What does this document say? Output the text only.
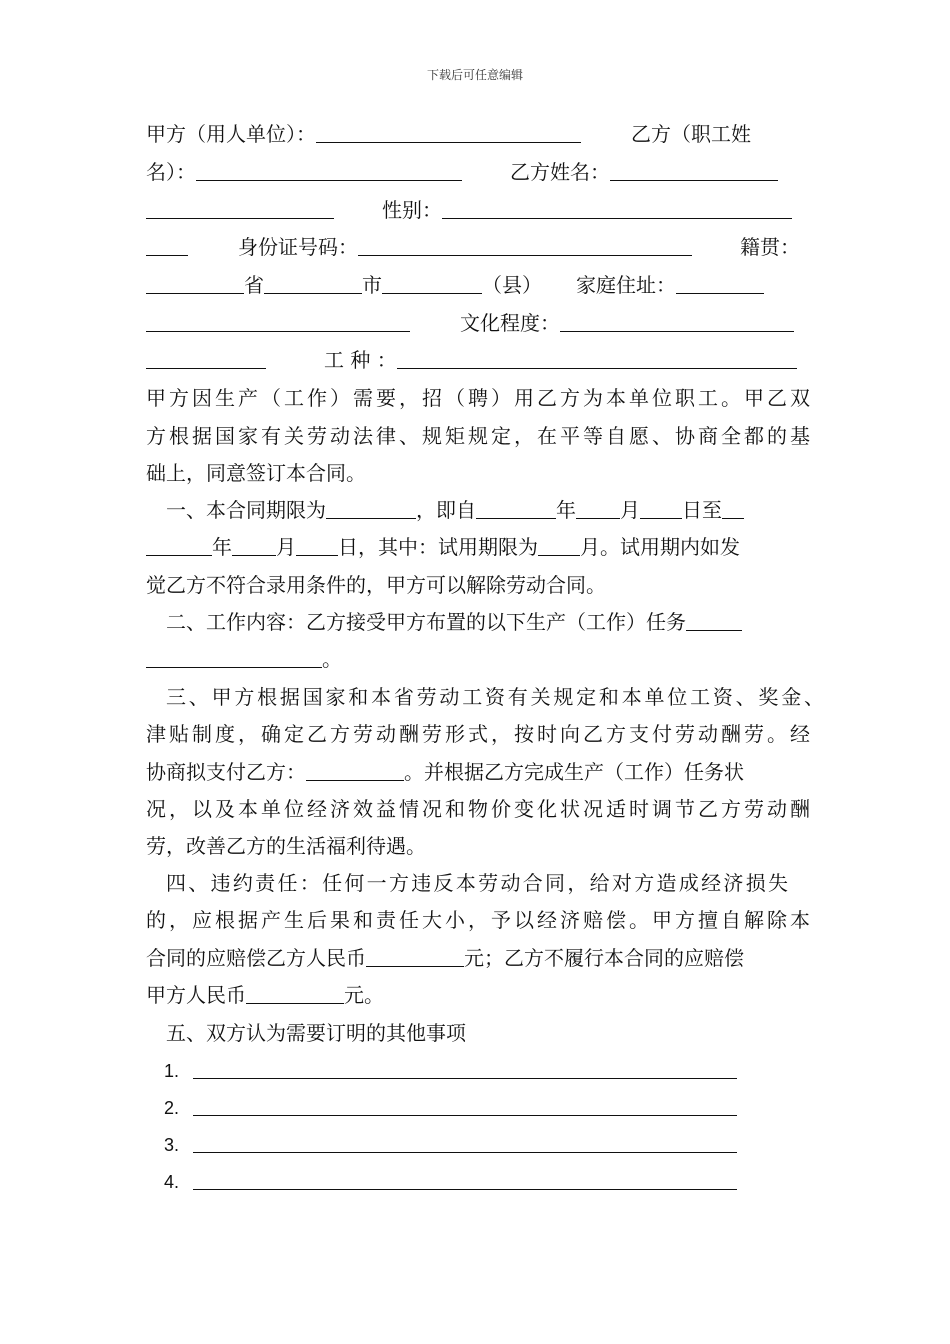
下载后可任意编辑
甲方（用人单位）：	乙方（职工姓
名）：	乙方姓名：
性别：
身份证号码：	籍贯：
省	市	（县） 家庭住址：
文化程度：
工 种 ：
甲方因生产（工作）需要，招（聘）用乙方为本单位职工。甲乙双
方根据国家有关劳动法律、规矩规定，在平等自愿、协商全都的基
础上，同意签订本合同。
一、本合同期限为	，即自	年 月 日至
年 月 日，其中：试用期限为 月。试用期内如发
觉乙方不符合录用条件的，甲方可以解除劳动合同。
二、工作内容：乙方接受甲方布置的以下生产（工作）任务
。
三、甲方根据国家和本省劳动工资有关规定和本单位工资、奖金、
津贴制度，确定乙方劳动酬劳形式，按时向乙方支付劳动酬劳。经
协商拟支付乙方：	。并根据乙方完成生产（工作）任务状
况，以及本单位经济效益情况和物价变化状况适时调节乙方劳动酬
劳，改善乙方的生活福利待遇。
四、违约责任：任何一方违反本劳动合同，给对方造成经济损失
的，应根据产生后果和责任大小，予以经济赔偿。甲方擅自解除本
合同的应赔偿乙方人民币	元；乙方不履行本合同的应赔偿
甲方人民币	元。
五、双方认为需要订明的其他事项
1.
2.
3.
4.
